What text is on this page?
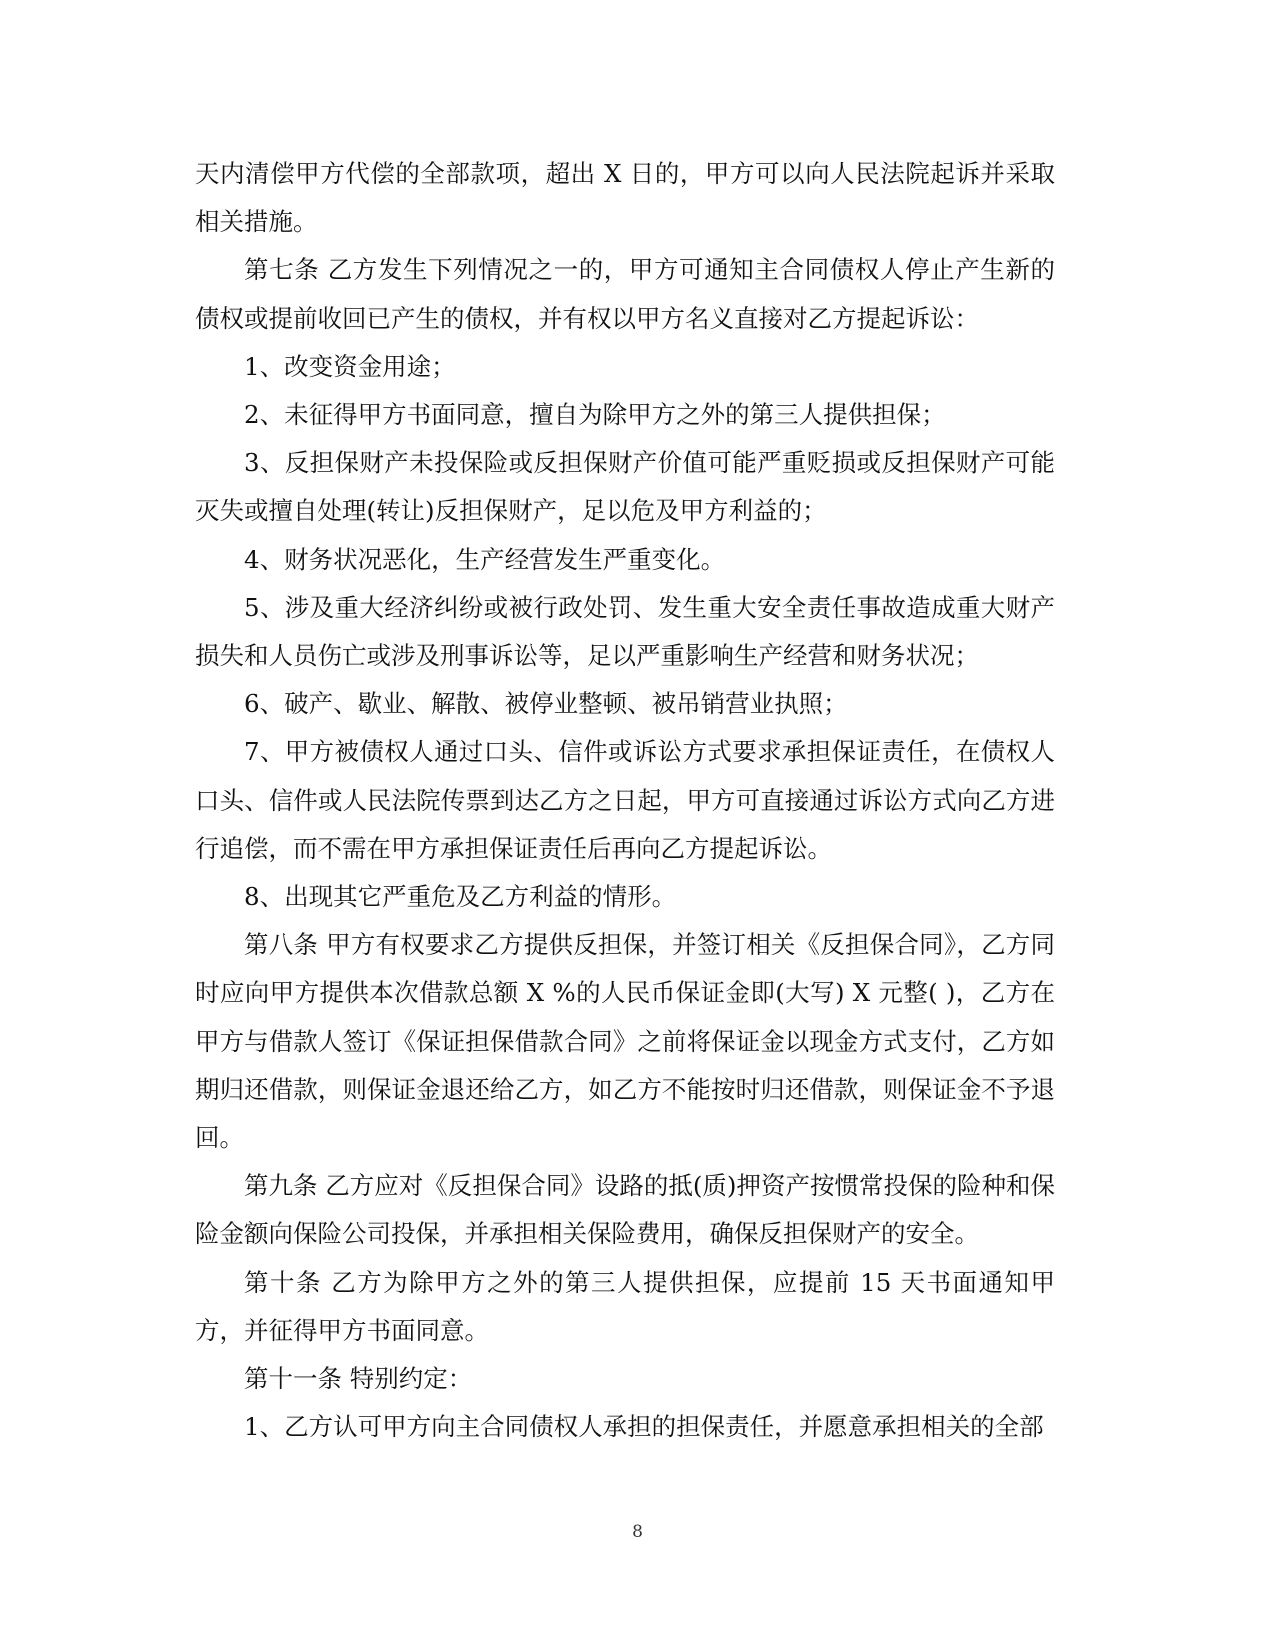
天内清偿甲方代偿的全部款项，超出 X 日的，甲方可以向人民法院起诉并采取相关措施。

第七条 乙方发生下列情况之一的，甲方可通知主合同债权人停止产生新的债权或提前收回已产生的债权，并有权以甲方名义直接对乙方提起诉讼：

1、改变资金用途；

2、未征得甲方书面同意，擅自为除甲方之外的第三人提供担保；

3、反担保财产未投保险或反担保财产价值可能严重贬损或反担保财产可能灭失或擅自处理(转让)反担保财产，足以危及甲方利益的；

4、财务状况恶化，生产经营发生严重变化。

5、涉及重大经济纠纷或被行政处罚、发生重大安全责任事故造成重大财产损失和人员伤亡或涉及刑事诉讼等，足以严重影响生产经营和财务状况；

6、破产、歇业、解散、被停业整顿、被吊销营业执照；

7、甲方被债权人通过口头、信件或诉讼方式要求承担保证责任，在债权人口头、信件或人民法院传票到达乙方之日起，甲方可直接通过诉讼方式向乙方进行追偿，而不需在甲方承担保证责任后再向乙方提起诉讼。

8、出现其它严重危及乙方利益的情形。

第八条 甲方有权要求乙方提供反担保，并签订相关《反担保合同》，乙方同时应向甲方提供本次借款总额 X %的人民币保证金即(大写) X 元整( )，乙方在甲方与借款人签订《保证担保借款合同》之前将保证金以现金方式支付，乙方如期归还借款，则保证金退还给乙方，如乙方不能按时归还借款，则保证金不予退回。

第九条 乙方应对《反担保合同》设路的抵(质)押资产按惯常投保的险种和保险金额向保险公司投保，并承担相关保险费用，确保反担保财产的安全。

第十条 乙方为除甲方之外的第三人提供担保，应提前 15 天书面通知甲方，并征得甲方书面同意。

第十一条 特别约定：

1、乙方认可甲方向主合同债权人承担的担保责任，并愿意承担相关的全部

8
